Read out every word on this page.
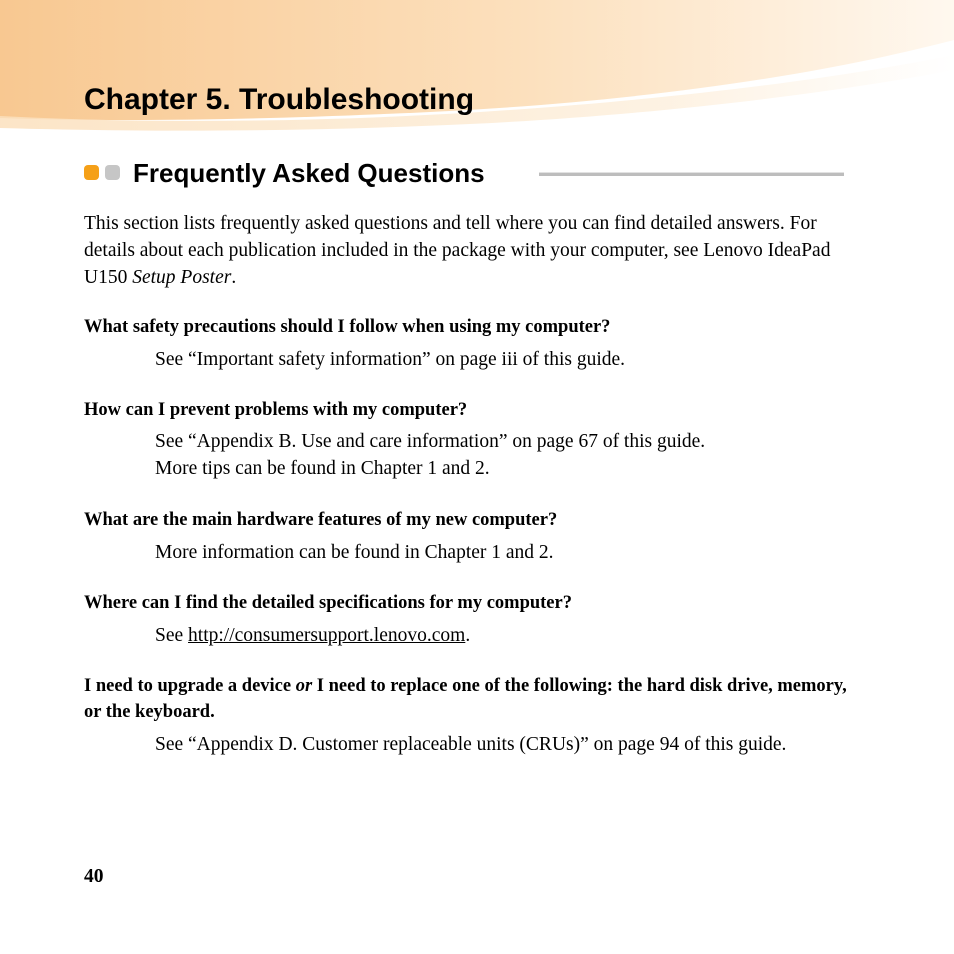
Chapter 5. Troubleshooting
Frequently Asked Questions

This section lists frequently asked questions and tell where you can find detailed answers. For details about each publication included in the package with your computer, see Lenovo IdeaPad U150 Setup Poster.

What safety precautions should I follow when using my computer?

See “Important safety information” on page iii of this guide.

How can I prevent problems with my computer?

See “Appendix B. Use and care information” on page 67 of this guide.

More tips can be found in Chapter 1 and 2.

What are the main hardware features of my new computer?

More information can be found in Chapter 1 and 2.

Where can I find the detailed specifications for my computer?

See http://consumersupport.lenovo.com.

I need to upgrade a device or I need to replace one of the following: the hard disk drive, memory, or the keyboard.

See “Appendix D. Customer replaceable units (CRUs)” on page 94 of this guide.

40
